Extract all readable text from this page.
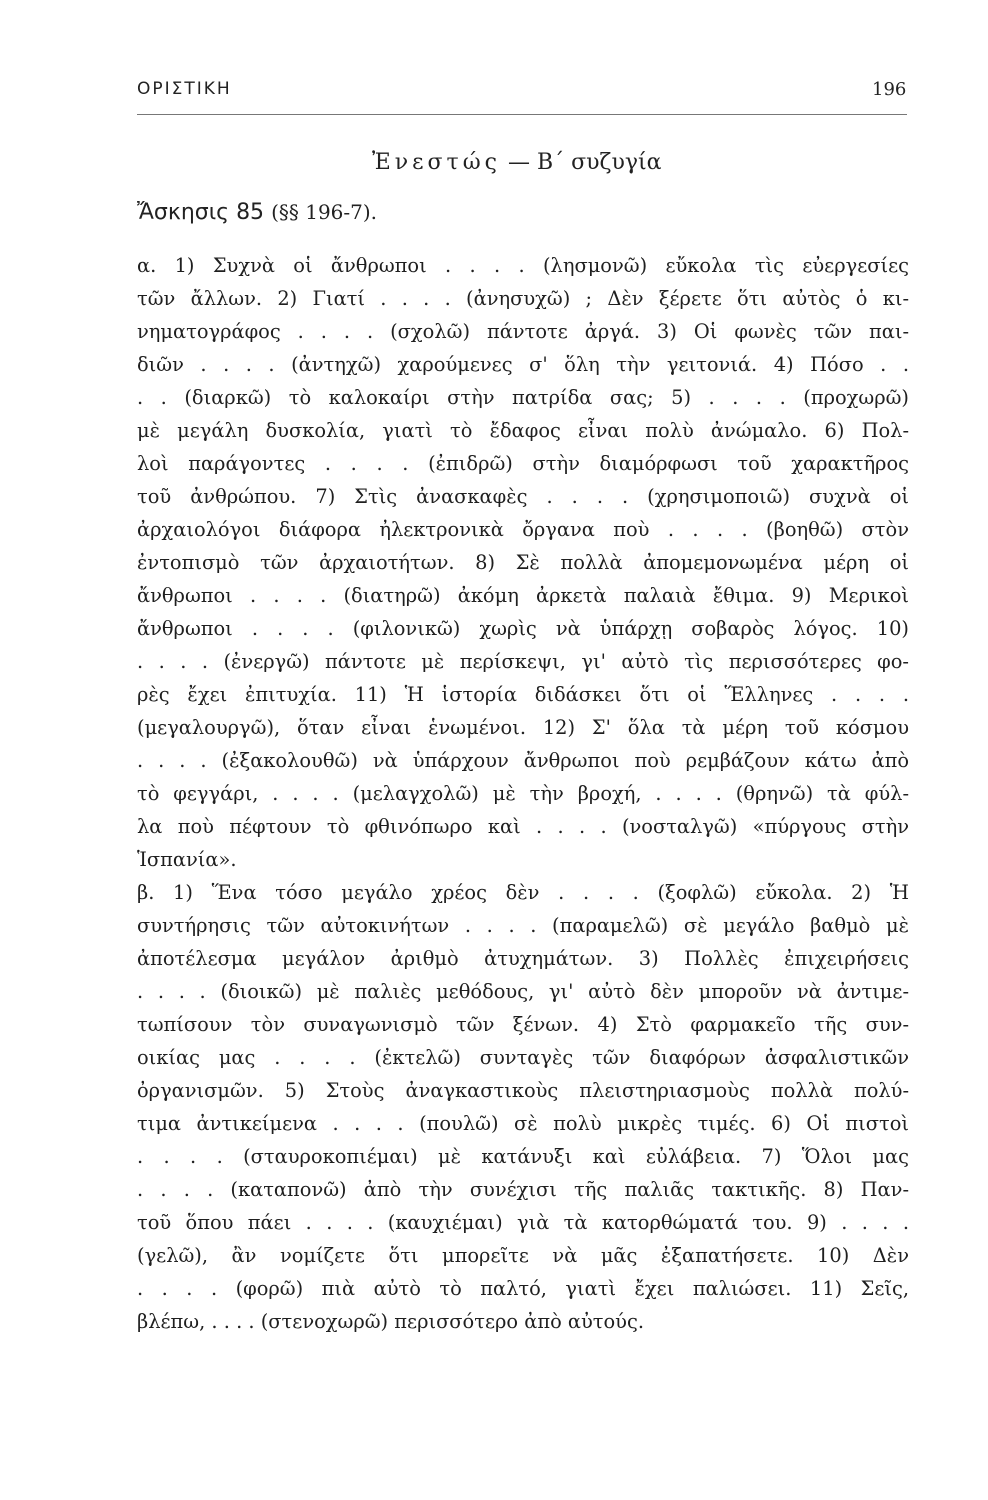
ΟΡΙΣΤΙΚΗ	196
Ἐνεστώς — Β΄ συζυγία
Ἄσκησις 85 (§§ 196-7).
α. 1) Συχνὰ οἱ ἄνθρωποι . . . . (λησμονῶ) εὔκολα τὶς εὐεργεσίες
τῶν ἄλλων. 2) Γιατί . . . . (ἀνησυχῶ) ; Δὲν ξέρετε ὅτι αὐτὸς ὁ κι-
νηματογράφος . . . . (σχολῶ) πάντοτε ἀργά. 3) Οἱ φωνὲς τῶν παι-
διῶν . . . . (ἀντηχῶ) χαρούμενες σ' ὅλη τὴν γειτονιά. 4) Πόσο . .
. . (διαρκῶ) τὸ καλοκαίρι στὴν πατρίδα σας; 5) . . . . (προχωρῶ)
μὲ μεγάλη δυσκολία, γιατὶ τὸ ἔδαφος εἶναι πολὺ ἀνώμαλο. 6) Πολ-
λοὶ παράγοντες . . . . (ἐπιδρῶ) στὴν διαμόρφωσι τοῦ χαρακτῆρος
τοῦ ἀνθρώπου. 7) Στὶς ἀνασκαφὲς . . . . (χρησιμοποιῶ) συχνὰ οἱ
ἀρχαιολόγοι διάφορα ἠλεκτρονικὰ ὄργανα ποὺ . . . . (βοηθῶ) στὸν
ἐντοπισμὸ τῶν ἀρχαιοτήτων. 8) Σὲ πολλὰ ἀπομεμονωμένα μέρη οἱ
ἄνθρωποι . . . . (διατηρῶ) ἀκόμη ἀρκετὰ παλαιὰ ἔθιμα. 9) Μερικοὶ
ἄνθρωποι . . . . (φιλονικῶ) χωρὶς νὰ ὑπάρχῃ σοβαρὸς λόγος. 10)
. . . . (ἐνεργῶ) πάντοτε μὲ περίσκεψι, γι' αὐτὸ τὶς περισσότερες φο-
ρὲς ἔχει ἐπιτυχία. 11) Ἡ ἱστορία διδάσκει ὅτι οἱ Ἕλληνες . . . .
(μεγαλουργῶ), ὅταν εἶναι ἑνωμένοι. 12) Σ' ὅλα τὰ μέρη τοῦ κόσμου
. . . . (ἐξακολουθῶ) νὰ ὑπάρχουν ἄνθρωποι ποὺ ρεμβάζουν κάτω ἀπὸ
τὸ φεγγάρι, . . . . (μελαγχολῶ) μὲ τὴν βροχή, . . . . (θρηνῶ) τὰ φύλ-
λα ποὺ πέφτουν τὸ φθινόπωρο καὶ . . . . (νοσταλγῶ) «πύργους στὴν
Ἱσπανία».
β. 1) Ἕνα τόσο μεγάλο χρέος δὲν . . . . (ξοφλῶ) εὔκολα. 2) Ἡ
συντήρησις τῶν αὐτοκινήτων . . . . (παραμελῶ) σὲ μεγάλο βαθμὸ μὲ
ἀποτέλεσμα μεγάλον ἀριθμὸ ἀτυχημάτων. 3) Πολλὲς ἐπιχειρήσεις
. . . . (διοικῶ) μὲ παλιὲς μεθόδους, γι' αὐτὸ δὲν μποροῦν νὰ ἀντιμε-
τωπίσουν τὸν συναγωνισμὸ τῶν ξένων. 4) Στὸ φαρμακεῖο τῆς συν-
οικίας μας . . . . (ἐκτελῶ) συνταγὲς τῶν διαφόρων ἀσφαλιστικῶν
ὀργανισμῶν. 5) Στοὺς ἀναγκαστικοὺς πλειστηριασμοὺς πολλὰ πολύ-
τιμα ἀντικείμενα . . . . (πουλῶ) σὲ πολὺ μικρὲς τιμές. 6) Οἱ πιστοὶ
. . . . (σταυροκοπιέμαι) μὲ κατάνυξι καὶ εὐλάβεια. 7) Ὅλοι μας
. . . . (καταπονῶ) ἀπὸ τὴν συνέχισι τῆς παλιᾶς τακτικῆς. 8) Παν-
τοῦ ὅπου πάει . . . . (καυχιέμαι) γιὰ τὰ κατορθώματά του. 9) . . . .
(γελῶ), ἂν νομίζετε ὅτι μπορεῖτε νὰ μᾶς ἐξαπατήσετε. 10) Δὲν
. . . . (φορῶ) πιὰ αὐτὸ τὸ παλτό, γιατὶ ἔχει παλιώσει. 11) Σεῖς,
βλέπω, . . . . (στενοχωρῶ) περισσότερο ἀπὸ αὐτούς.
